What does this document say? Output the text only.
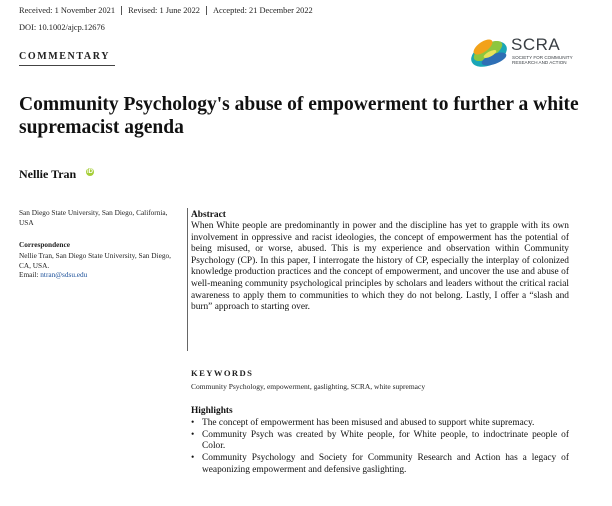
Received: 1 November 2021 Revised: 1 June 2022 Accepted: 21 December 2022
DOI: 10.1002/ajcp.12676
COMMENTARY
SCRA
SOCIETY FOR COMMUNITY RESEARCH AND ACTION
Community Psychology's abuse of empowerment to further a white supremacist agenda
Nellie Tran iD
San Diego State University, San Diego, California, USA
Correspondence
Nellie Tran, San Diego State University, San Diego, CA, USA.
Email: ntran@sdsu.edu
Abstract
When White people are predominantly in power and the discipline has yet to grapple with its own involvement in oppressive and racist ideologies, the concept of empowerment has the potential of being misused, or worse, abused. This is my experience and observation within Community Psychology (CP). In this paper, I interrogate the history of CP, especially the interplay of colonized knowledge production practices and the concept of empowerment, and uncover the use and abuse of well-meaning community psychological principles by scholars and leaders without the critical racial awareness to apply them to communities to which they do not belong. Lastly, I offer a “slash and burn” approach to starting over.
KEYWORDS
Community Psychology, empowerment, gaslighting, SCRA, white supremacy
Highlights
• The concept of empowerment has been misused and abused to support white supremacy.
• Community Psych was created by White people, for White people, to indoctrinate people of Color.
• Community Psychology and Society for Community Research and Action has a legacy of weaponizing empowerment and defensive gaslighting.
